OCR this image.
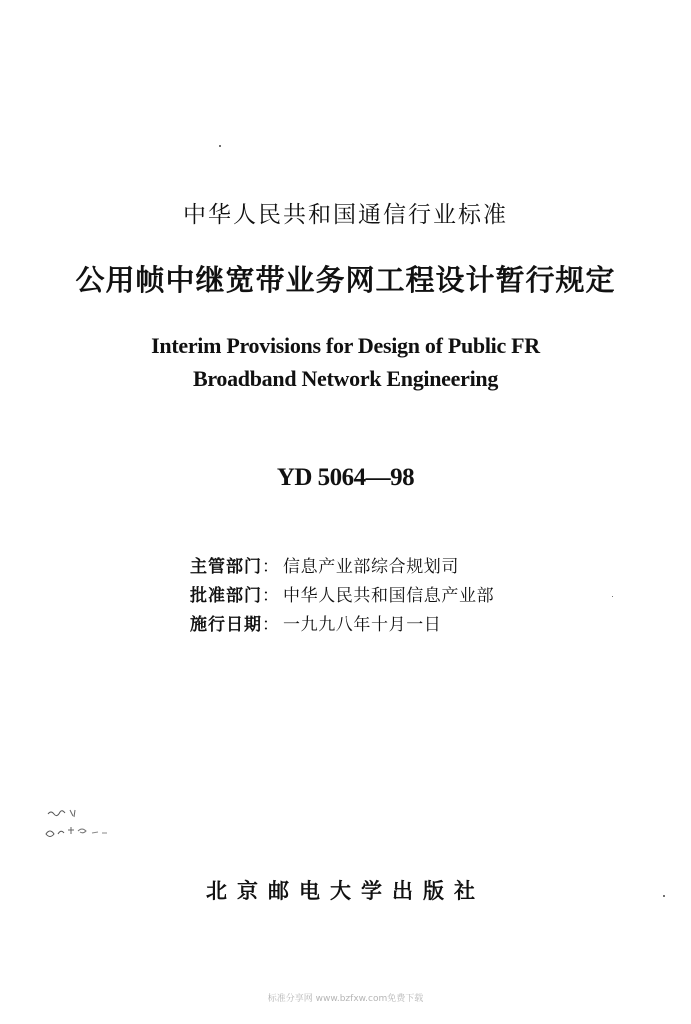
中华人民共和国通信行业标准
公用帧中继宽带业务网工程设计暂行规定
Interim Provisions for Design of Public FR
Broadband Network Engineering
YD 5064—98
主管部门： 信息产业部综合规划司
批准部门： 中华人民共和国信息产业部
施行日期： 一九九八年十月一日
北京邮电大学出版社
标准分享网 www.bzfxw.com免费下载
